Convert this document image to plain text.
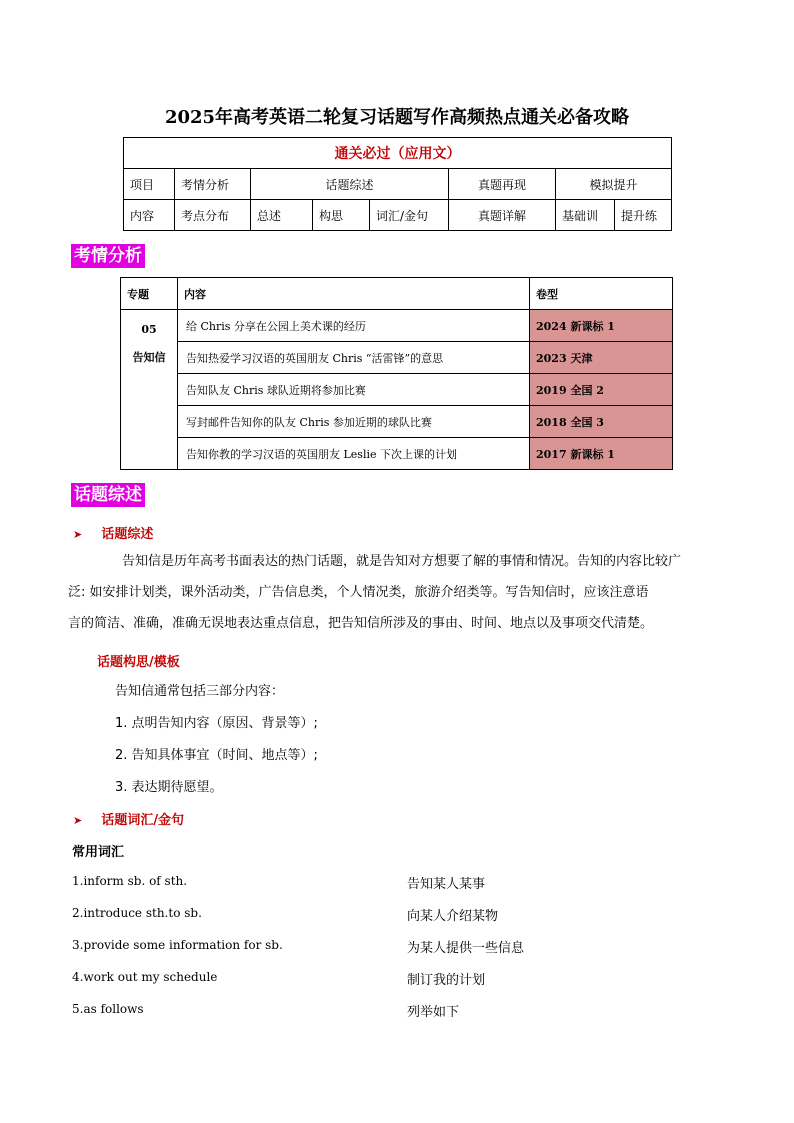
2025年高考英语二轮复习话题写作高频热点通关必备攻略
通关必过（应用文）							
项目	考情分析	话题综述			真题再现	模拟提升	
内容	考点分布	总述	构思	词汇/金句	真题详解	基础训	提升练
考情分析
专题	内容	卷型

05
告知信	给 Chris 分享在公园上美术课的经历	2024 新课标 1
	告知热爱学习汉语的英国朋友 Chris “活雷锋”的意思	2023 天津
	告知队友 Chris 球队近期将参加比赛	2019 全国 2
	写封邮件告知你的队友 Chris 参加近期的球队比赛	2018 全国 3
	告知你教的学习汉语的英国朋友 Leslie 下次上课的计划	2017 新课标 1
话题综述
➤ 话题综述
告知信是历年高考书面表达的热门话题，就是告知对方想要了解的事情和情况。告知的内容比较广
泛: 如安排计划类，课外活动类，广告信息类，个人情况类，旅游介绍类等。写告知信时，应该注意语
言的简洁、准确，准确无误地表达重点信息，把告知信所涉及的事由、时间、地点以及事项交代清楚。
话题构思/模板
告知信通常包括三部分内容：
1. 点明告知内容（原因、背景等）;
2. 告知具体事宜（时间、地点等）;
3. 表达期待愿望。
➤ 话题词汇/金句
常用词汇
1.inform sb. of sth.	告知某人某事
2.introduce sth.to sb.	向某人介绍某物
3.provide some information for sb.	为某人提供一些信息
4.work out my schedule	制订我的计划
5.as follows	列举如下
